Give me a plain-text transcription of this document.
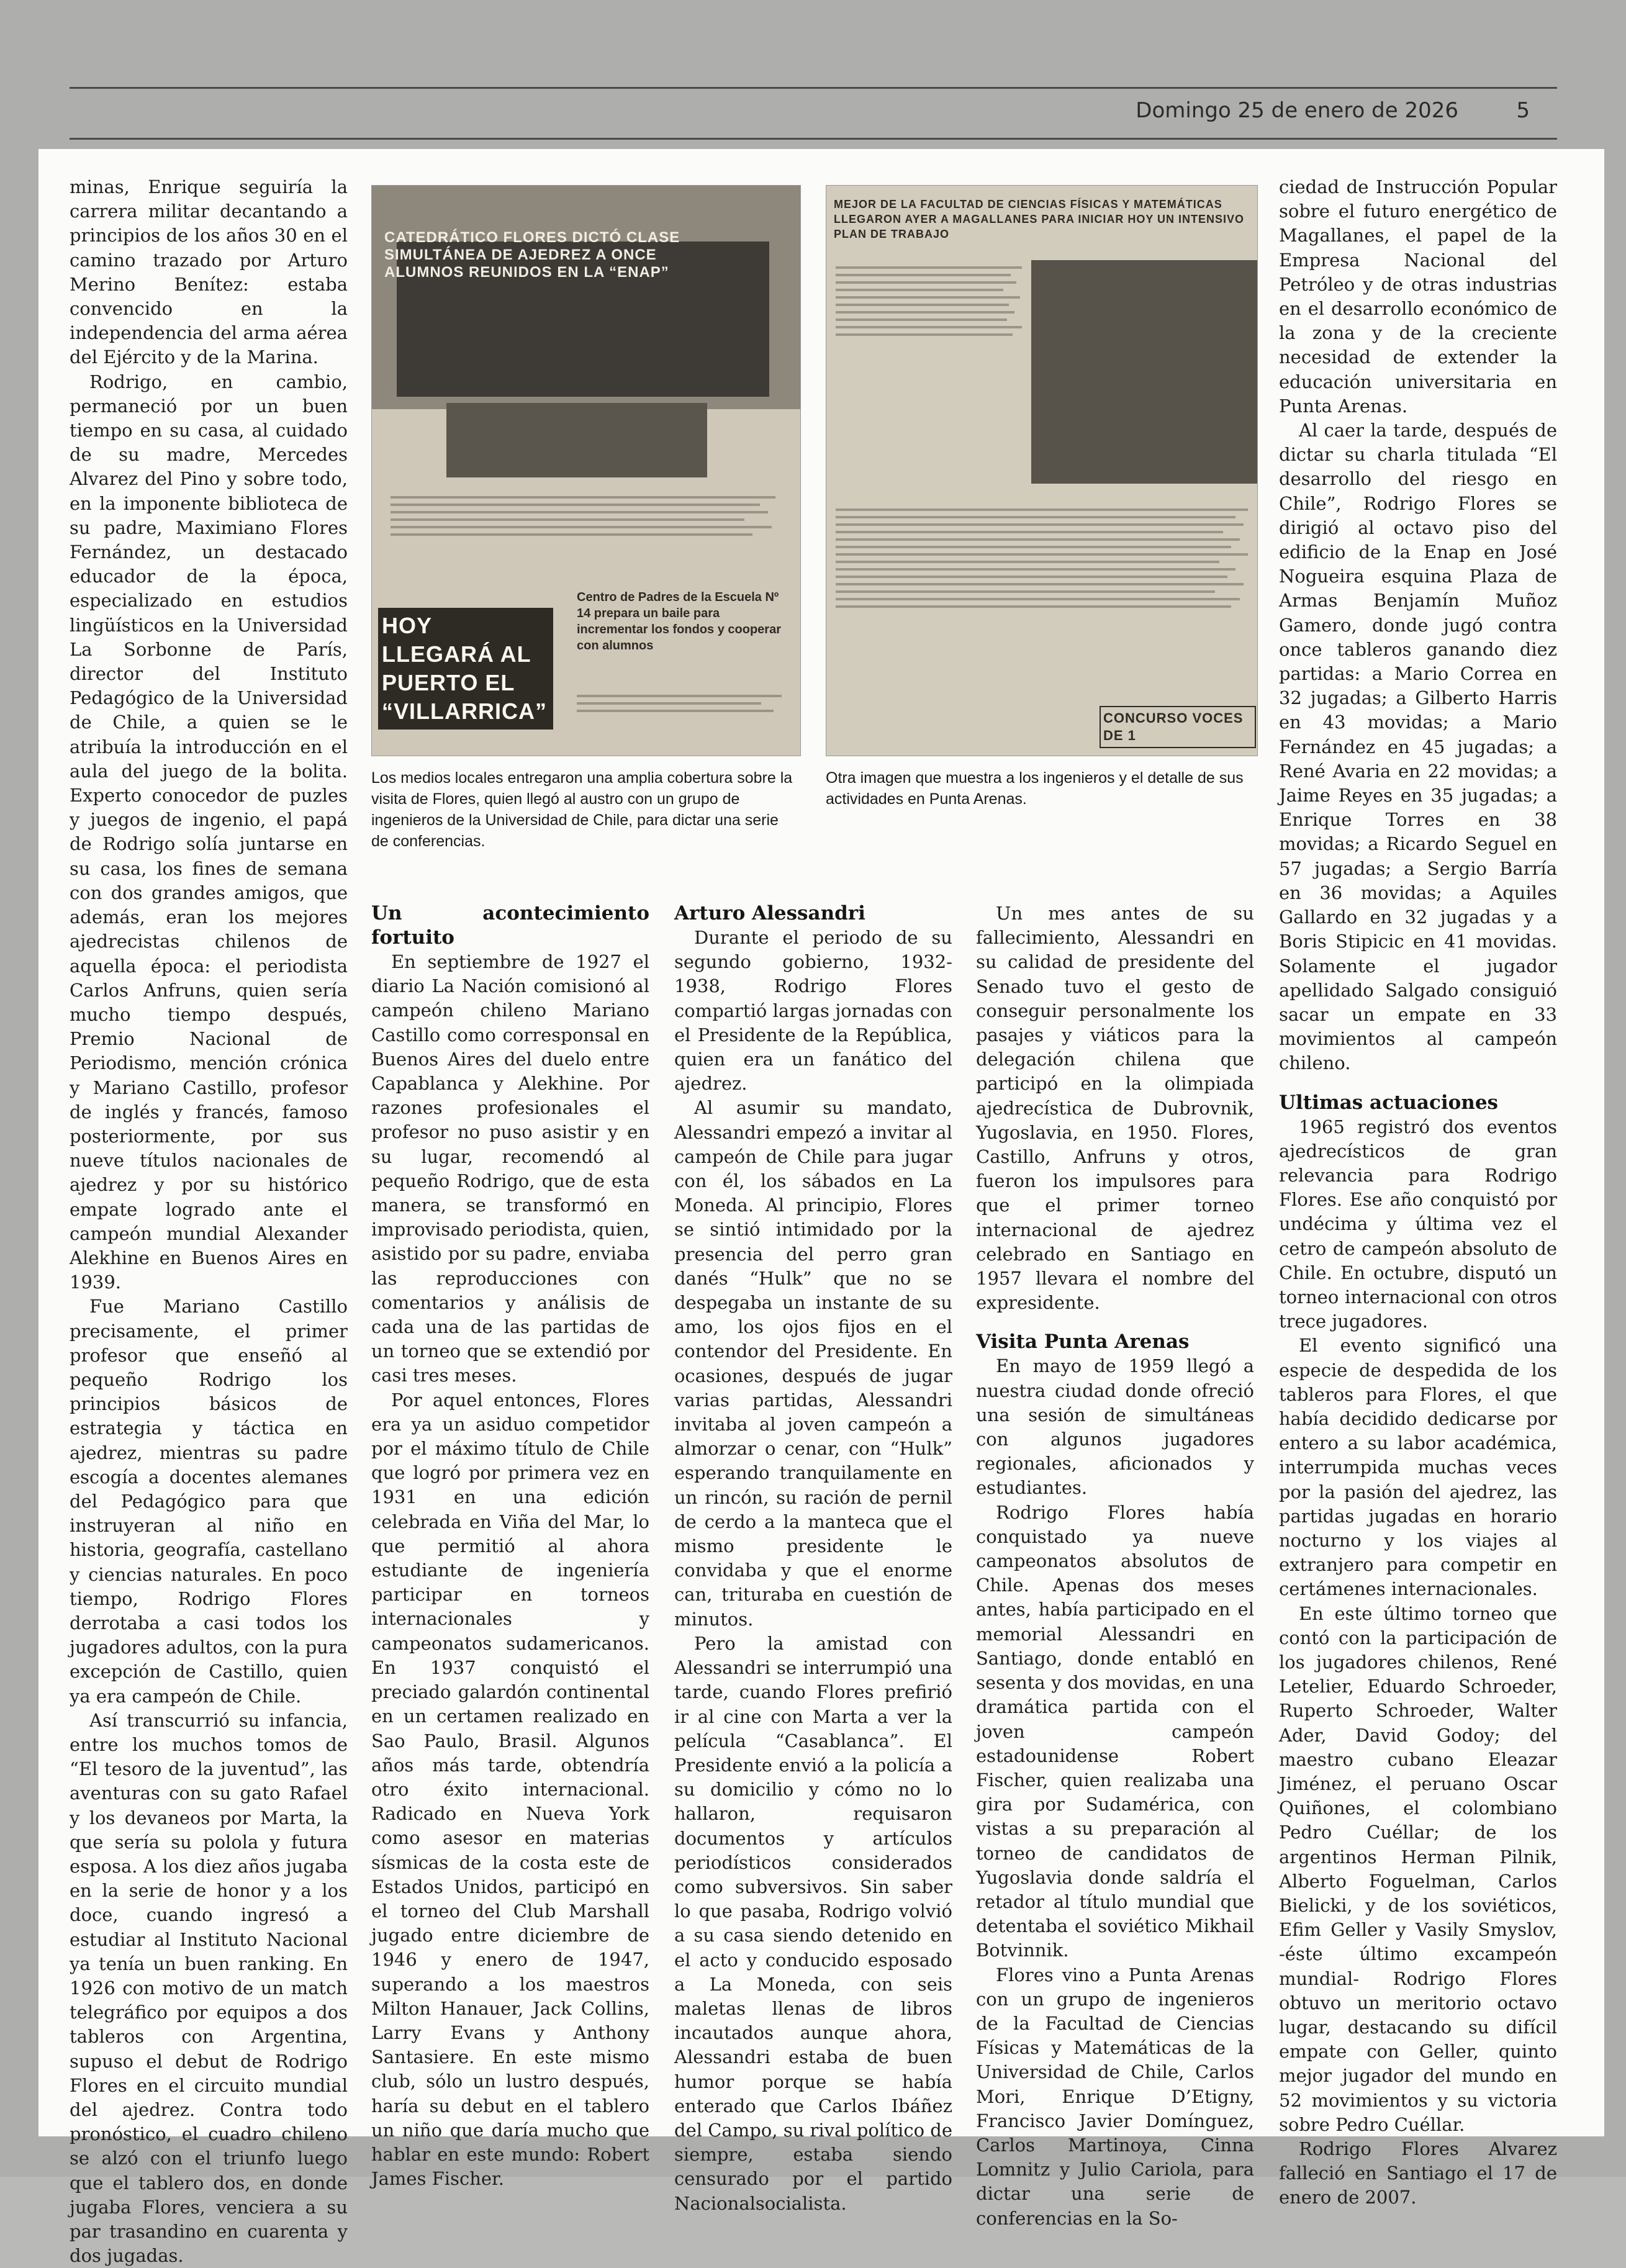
Domingo 25 de enero de 2026	5

minas, Enrique seguiría la carrera militar decantando a principios de los años 30 en el camino trazado por Arturo Merino Benítez: estaba convencido en la independencia del arma aérea del Ejército y de la Marina.

Rodrigo, en cambio, permaneció por un buen tiempo en su casa, al cuidado de su madre, Mercedes Alvarez del Pino y sobre todo, en la imponente biblioteca de su padre, Maximiano Flores Fernández, un destacado educador de la época, especializado en estudios lingüísticos en la Universidad La Sorbonne de París, director del Instituto Pedagógico de la Universidad de Chile, a quien se le atribuía la introducción en el aula del juego de la bolita. Experto conocedor de puzles y juegos de ingenio, el papá de Rodrigo solía juntarse en su casa, los fines de semana con dos grandes amigos, que además, eran los mejores ajedrecistas chilenos de aquella época: el periodista Carlos Anfruns, quien sería mucho tiempo después, Premio Nacional de Periodismo, mención crónica y Mariano Castillo, profesor de inglés y francés, famoso posteriormente, por sus nueve títulos nacionales de ajedrez y por su histórico empate logrado ante el campeón mundial Alexander Alekhine en Buenos Aires en 1939.

Fue Mariano Castillo precisamente, el primer profesor que enseñó al pequeño Rodrigo los principios básicos de estrategia y táctica en ajedrez, mientras su padre escogía a docentes alemanes del Pedagógico para que instruyeran al niño en historia, geografía, castellano y ciencias naturales. En poco tiempo, Rodrigo Flores derrotaba a casi todos los jugadores adultos, con la pura excepción de Castillo, quien ya era campeón de Chile.

Así transcurrió su infancia, entre los muchos tomos de “El tesoro de la juventud”, las aventuras con su gato Rafael y los devaneos por Marta, la que sería su polola y futura esposa. A los diez años jugaba en la serie de honor y a los doce, cuando ingresó a estudiar al Instituto Nacional ya tenía un buen ranking. En 1926 con motivo de un match telegráfico por equipos a dos tableros con Argentina, supuso el debut de Rodrigo Flores en el circuito mundial del ajedrez. Contra todo pronóstico, el cuadro chileno se alzó con el triunfo luego que el tablero dos, en donde jugaba Flores, venciera a su par trasandino en cuarenta y dos jugadas.

CATEDRÁTICO FLORES DICTÓ CLASE SIMULTÁNEA DE AJEDREZ A ONCE ALUMNOS REUNIDOS EN LA “ENAP”
HOY LLEGARÁ AL PUERTO EL “VILLARRICA”
Centro de Padres de la Escuela Nº 14 prepara un baile para incrementar los fondos y cooperar con alumnos
Los medios locales entregaron una amplia cobertura sobre la visita de Flores, quien llegó al austro con un grupo de ingenieros de la Universidad de Chile, para dictar una serie de conferencias.
MEJOR DE LA FACULTAD DE CIENCIAS FÍSICAS Y MATEMÁTICAS LLEGARON AYER A MAGALLANES PARA INICIAR HOY UN INTENSIVO PLAN DE TRABAJO
CONCURSO VOCES DE 1
Otra imagen que muestra a los ingenieros y el detalle de sus actividades en Punta Arenas.
Un acontecimiento fortuito

En septiembre de 1927 el diario La Nación comisionó al campeón chileno Mariano Castillo como corresponsal en Buenos Aires del duelo entre Capablanca y Alekhine. Por razones profesionales el profesor no puso asistir y en su lugar, recomendó al pequeño Rodrigo, que de esta manera, se transformó en improvisado periodista, quien, asistido por su padre, enviaba las reproducciones con comentarios y análisis de cada una de las partidas de un torneo que se extendió por casi tres meses.

Por aquel entonces, Flores era ya un asiduo competidor por el máximo título de Chile que logró por primera vez en 1931 en una edición celebrada en Viña del Mar, lo que permitió al ahora estudiante de ingeniería participar en torneos internacionales y campeonatos sudamericanos. En 1937 conquistó el preciado galardón continental en un certamen realizado en Sao Paulo, Brasil. Algunos años más tarde, obtendría otro éxito internacional. Radicado en Nueva York como asesor en materias sísmicas de la costa este de Estados Unidos, participó en el torneo del Club Marshall jugado entre diciembre de 1946 y enero de 1947, superando a los maestros Milton Hanauer, Jack Collins, Larry Evans y Anthony Santasiere. En este mismo club, sólo un lustro después, haría su debut en el tablero un niño que daría mucho que hablar en este mundo: Robert James Fischer.

Arturo Alessandri

Durante el periodo de su segundo gobierno, 1932-1938, Rodrigo Flores compartió largas jornadas con el Presidente de la República, quien era un fanático del ajedrez.

Al asumir su mandato, Alessandri empezó a invitar al campeón de Chile para jugar con él, los sábados en La Moneda. Al principio, Flores se sintió intimidado por la presencia del perro gran danés “Hulk” que no se despegaba un instante de su amo, los ojos fijos en el contendor del Presidente. En ocasiones, después de jugar varias partidas, Alessandri invitaba al joven campeón a almorzar o cenar, con “Hulk” esperando tranquilamente en un rincón, su ración de pernil de cerdo a la manteca que el mismo presidente le convidaba y que el enorme can, trituraba en cuestión de minutos.

Pero la amistad con Alessandri se interrumpió una tarde, cuando Flores prefirió ir al cine con Marta a ver la película “Casablanca”. El Presidente envió a la policía a su domicilio y cómo no lo hallaron, requisaron documentos y artículos periodísticos considerados como subversivos. Sin saber lo que pasaba, Rodrigo volvió a su casa siendo detenido en el acto y conducido esposado a La Moneda, con seis maletas llenas de libros incautados aunque ahora, Alessandri estaba de buen humor porque se había enterado que Carlos Ibáñez del Campo, su rival político de siempre, estaba siendo censurado por el partido Nacionalsocialista.

Un mes antes de su fallecimiento, Alessandri en su calidad de presidente del Senado tuvo el gesto de conseguir personalmente los pasajes y viáticos para la delegación chilena que participó en la olimpiada ajedrecística de Dubrovnik, Yugoslavia, en 1950. Flores, Castillo, Anfruns y otros, fueron los impulsores para que el primer torneo internacional de ajedrez celebrado en Santiago en 1957 llevara el nombre del expresidente.

Visita Punta Arenas

En mayo de 1959 llegó a nuestra ciudad donde ofreció una sesión de simultáneas con algunos jugadores regionales, aficionados y estudiantes.

Rodrigo Flores había conquistado ya nueve campeonatos absolutos de Chile. Apenas dos meses antes, había participado en el memorial Alessandri en Santiago, donde entabló en sesenta y dos movidas, en una dramática partida con el joven campeón estadounidense Robert Fischer, quien realizaba una gira por Sudamérica, con vistas a su preparación al torneo de candidatos de Yugoslavia donde saldría el retador al título mundial que detentaba el soviético Mikhail Botvinnik.

Flores vino a Punta Arenas con un grupo de ingenieros de la Facultad de Ciencias Físicas y Matemáticas de la Universidad de Chile, Carlos Mori, Enrique D’Etigny, Francisco Javier Domínguez, Carlos Martinoya, Cinna Lomnitz y Julio Cariola, para dictar una serie de conferencias en la So-

ciedad de Instrucción Popular sobre el futuro energético de Magallanes, el papel de la Empresa Nacional del Petróleo y de otras industrias en el desarrollo económico de la zona y de la creciente necesidad de extender la educación universitaria en Punta Arenas.

Al caer la tarde, después de dictar su charla titulada “El desarrollo del riesgo en Chile”, Rodrigo Flores se dirigió al octavo piso del edificio de la Enap en José Nogueira esquina Plaza de Armas Benjamín Muñoz Gamero, donde jugó contra once tableros ganando diez partidas: a Mario Correa en 32 jugadas; a Gilberto Harris en 43 movidas; a Mario Fernández en 45 jugadas; a René Avaria en 22 movidas; a Jaime Reyes en 35 jugadas; a Enrique Torres en 38 movidas; a Ricardo Seguel en 57 jugadas; a Sergio Barría en 36 movidas; a Aquiles Gallardo en 32 jugadas y a Boris Stipicic en 41 movidas. Solamente el jugador apellidado Salgado consiguió sacar un empate en 33 movimientos al campeón chileno.

Ultimas actuaciones

1965 registró dos eventos ajedrecísticos de gran relevancia para Rodrigo Flores. Ese año conquistó por undécima y última vez el cetro de campeón absoluto de Chile. En octubre, disputó un torneo internacional con otros trece jugadores.

El evento significó una especie de despedida de los tableros para Flores, el que había decidido dedicarse por entero a su labor académica, interrumpida muchas veces por la pasión del ajedrez, las partidas jugadas en horario nocturno y los viajes al extranjero para competir en certámenes internacionales.

En este último torneo que contó con la participación de los jugadores chilenos, René Letelier, Eduardo Schroeder, Ruperto Schroeder, Walter Ader, David Godoy; del maestro cubano Eleazar Jiménez, el peruano Oscar Quiñones, el colombiano Pedro Cuéllar; de los argentinos Herman Pilnik, Alberto Foguelman, Carlos Bielicki, y de los soviéticos, Efim Geller y Vasily Smyslov, -éste último excampeón mundial- Rodrigo Flores obtuvo un meritorio octavo lugar, destacando su difícil empate con Geller, quinto mejor jugador del mundo en 52 movimientos y su victoria sobre Pedro Cuéllar.

Rodrigo Flores Alvarez falleció en Santiago el 17 de enero de 2007.
